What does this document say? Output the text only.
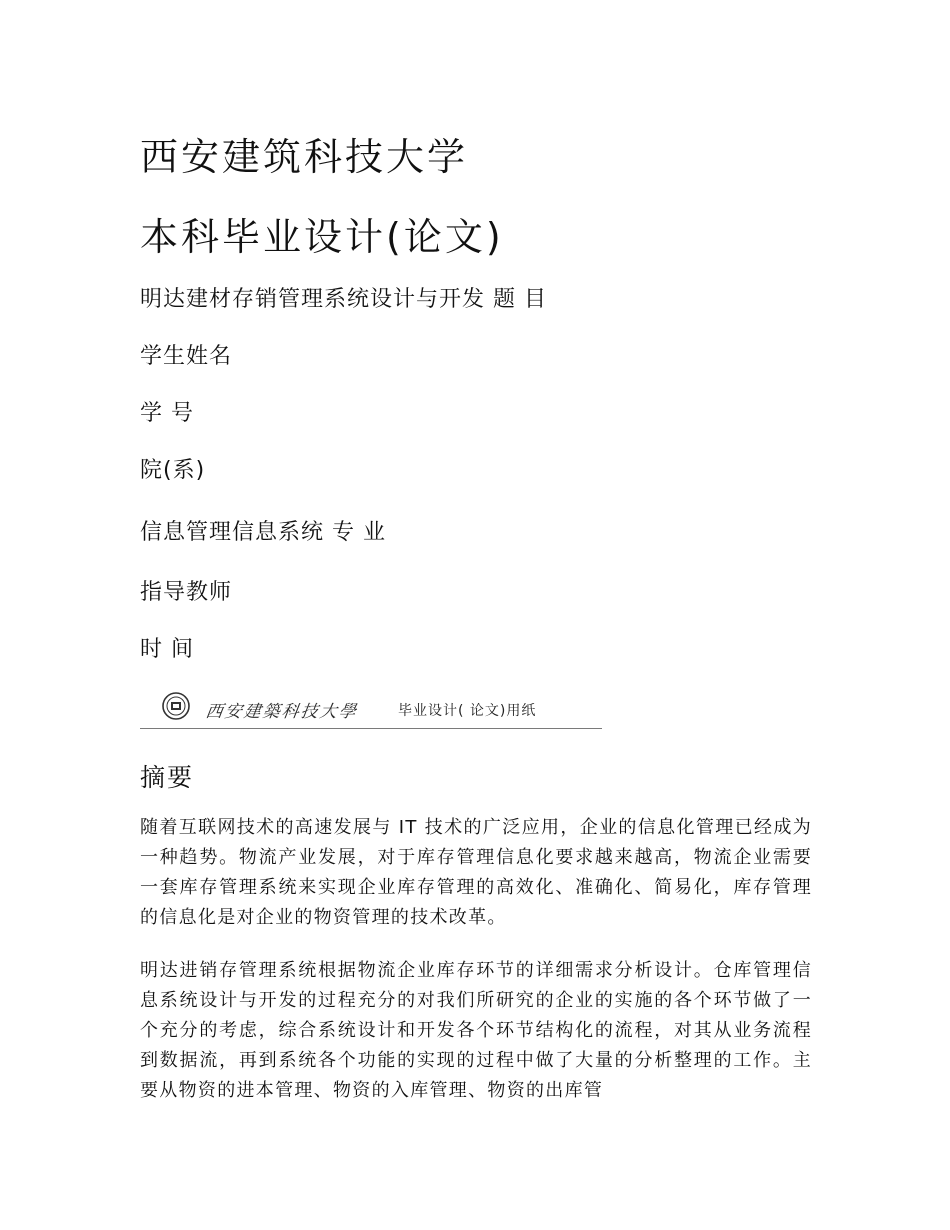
西安建筑科技大学
本科毕业设计(论文)
明达建材存销管理系统设计与开发 题 目
学生姓名
学 号
院(系)
信息管理信息系统 专 业
指导教师
时 间
西安建築科技大學	毕业设计( 论文)用纸
摘要
随着互联网技术的高速发展与 IT 技术的广泛应用，企业的信息化管理已经成为一种趋势。物流产业发展，对于库存管理信息化要求越来越高，物流企业需要一套库存管理系统来实现企业库存管理的高效化、准确化、简易化，库存管理的信息化是对企业的物资管理的技术改革。
明达进销存管理系统根据物流企业库存环节的详细需求分析设计。仓库管理信息系统设计与开发的过程充分的对我们所研究的企业的实施的各个环节做了一个充分的考虑，综合系统设计和开发各个环节结构化的流程，对其从业务流程到数据流，再到系统各个功能的实现的过程中做了大量的分析整理的工作。主要从物资的进本管理、物资的入库管理、物资的出库管
